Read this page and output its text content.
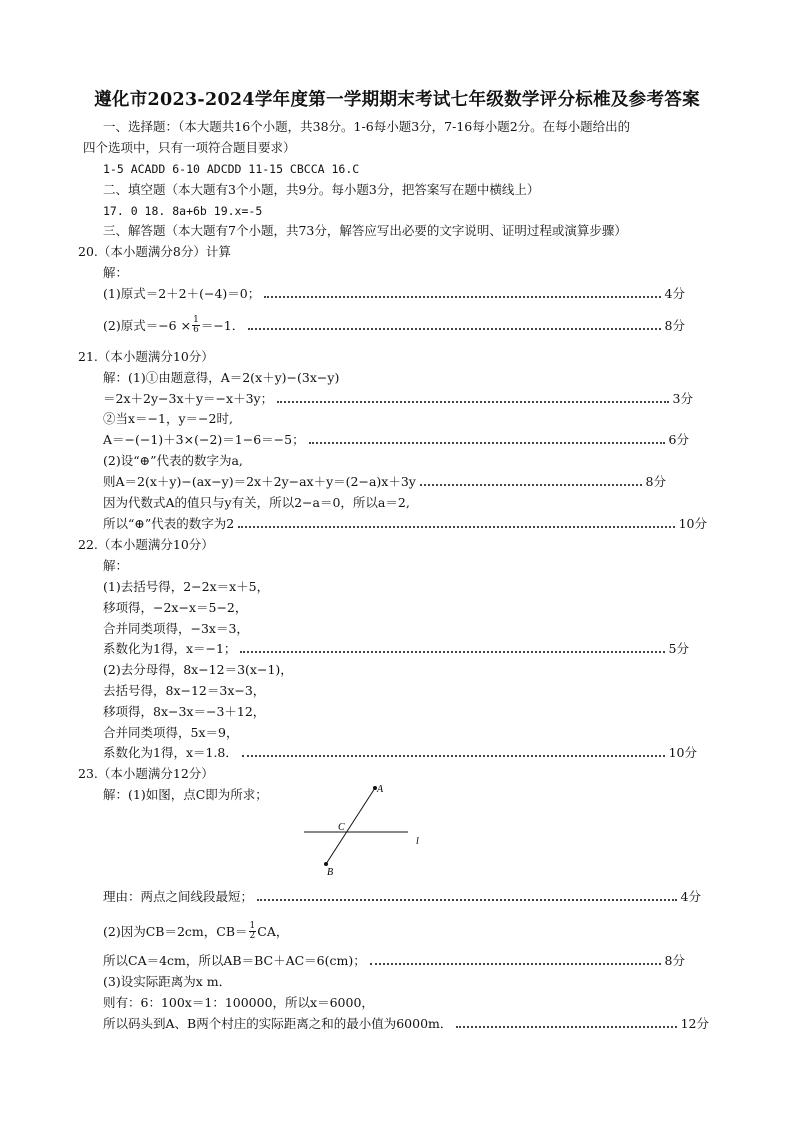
遵化市2023-2024学年度第一学期期末考试七年级数学评分标椎及参考答案
一、选择题：（本大题共16个小题，共38分。1-6每小题3分，7-16每小题2分。在每小题给出的
四个选项中，只有一项符合题目要求）
1-5 ACADD 6-10 ADCDD 11-15 CBCCA 16.C
二、填空题（本大题有3个小题，共9分。每小题3分，把答案写在题中横线上）
17. 0 18. 8a+6b 19.x=-5
三、解答题（本大题有7个小题，共73分，解答应写出必要的文字说明、证明过程或演算步骤）
20.（本小题满分8分）计算
解：
(1)原式＝2＋2＋(−4)＝0；	4分
(2)原式$=-6 \times \frac{1}{6} =-1$．	8分
21.（本小题满分10分）
解：(1)①由题意得，A＝2(x＋y)−(3x−y)
＝2x＋2y−3x＋y＝−x＋3y；	3分
②当x＝−1，y＝−2时,
A＝−(−1)＋3×(−2)＝1−6＝−5；	6分
(2)设“⊕”代表的数字为a,
则A＝2(x＋y)−(ax−y)＝2x＋2y−ax＋y＝(2−a)x＋3y	8分
因为代数式A的值只与y有关，所以2−a＝0，所以a＝2,
所以“⊕”代表的数字为2	10分
22.（本小题满分10分）
解：
(1)去括号得，2−2x＝x＋5，
移项得，−2x−x＝5−2，
合并同类项得，−3x＝3，
系数化为1得，x＝−1；	5分
(2)去分母得，8x−12＝3(x−1)，
去括号得，8x−12＝3x−3，
移项得，8x−3x＝−3＋12，
合并同类项得，5x＝9，
系数化为1得，x＝1.8．	10分
23.（本小题满分12分）
解：(1)如图，点C即为所求；	A
B
C
l
理由：两点之间线段最短；	4分
(2)因为CB＝2cm，$CB= \frac{1}{2}$ CA，
所以CA＝4cm，所以AB＝BC＋AC＝6(cm)；	8分
(3)设实际距离为x m．
则有：6：100x＝1：100000，所以x＝6000，
所以码头到A、B两个村庄的实际距离之和的最小值为6000m．	12分
